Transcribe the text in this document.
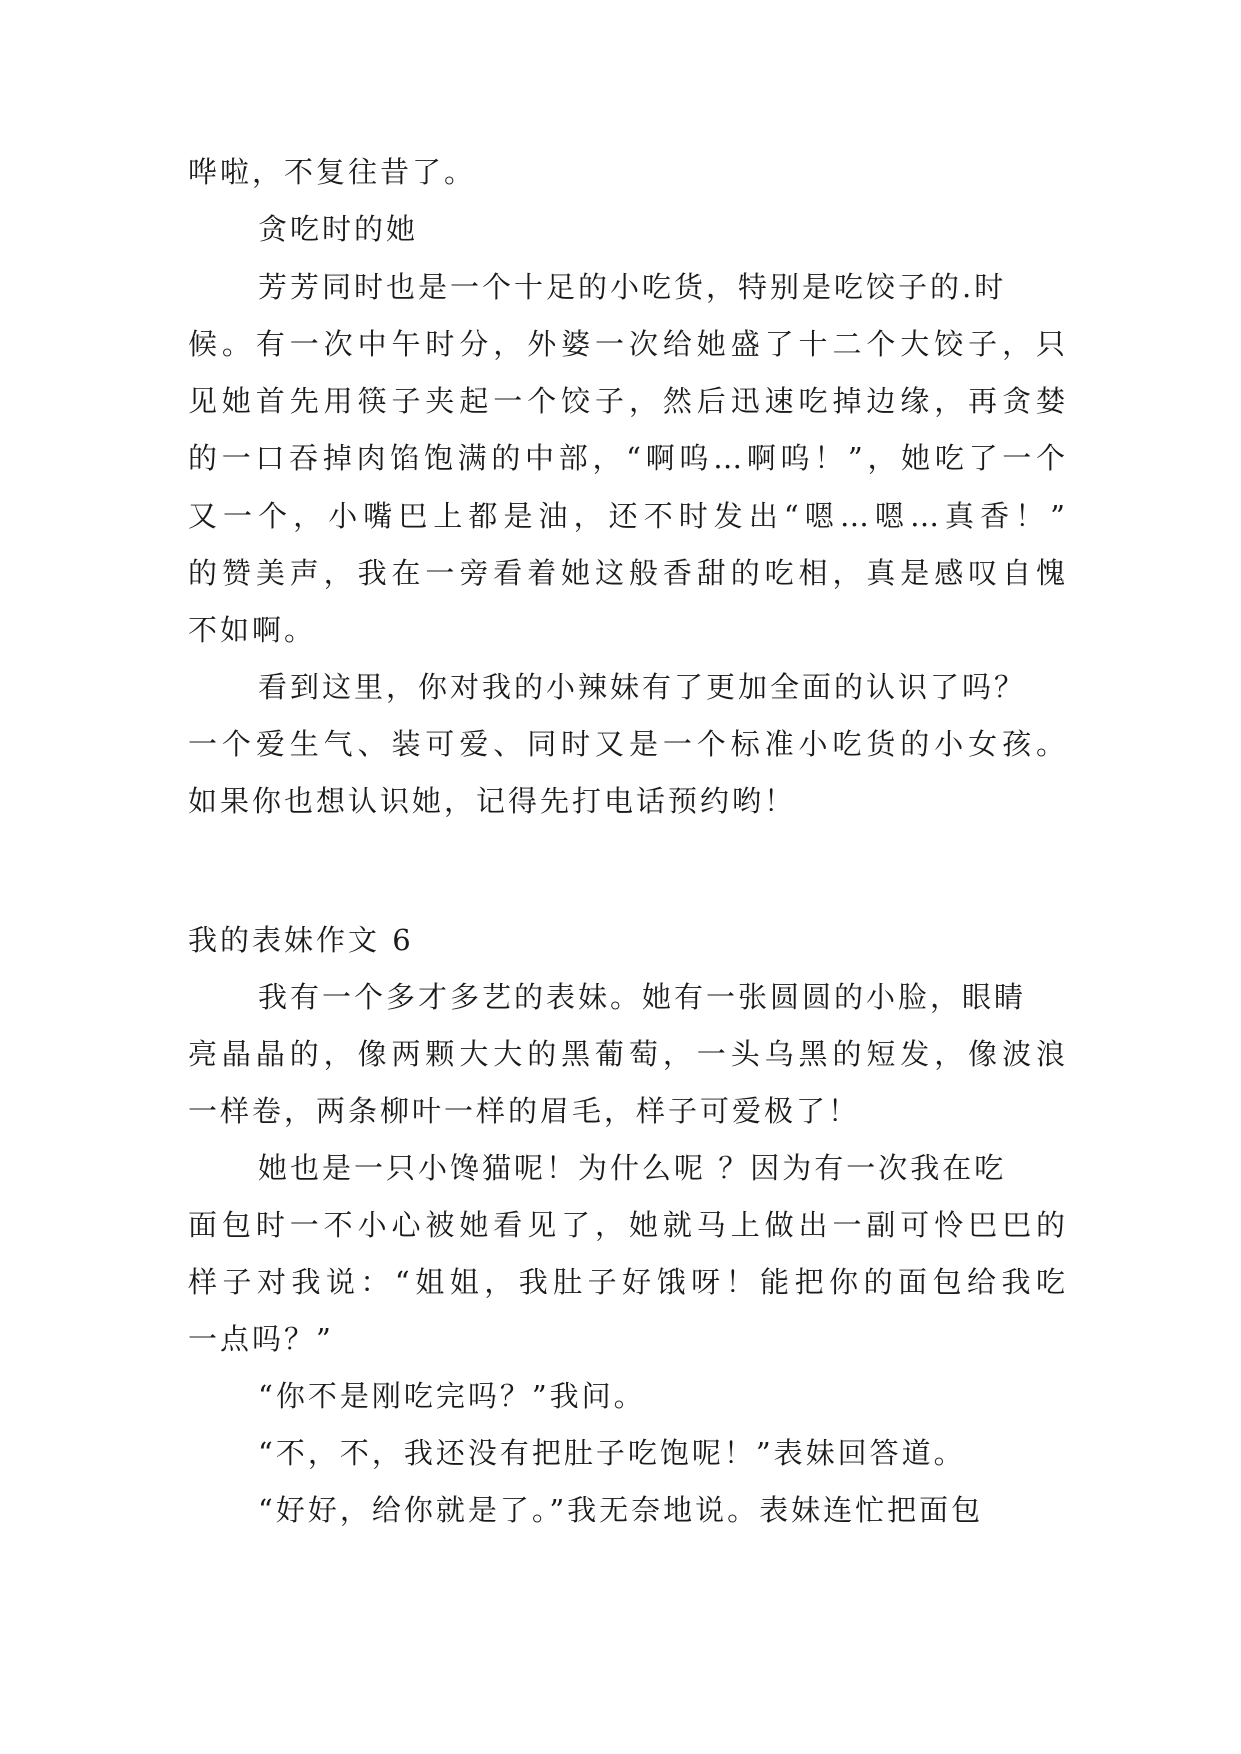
哗啦，不复往昔了。
贪吃时的她
芳芳同时也是一个十足的小吃货，特别是吃饺子的.时
候。有一次中午时分，外婆一次给她盛了十二个大饺子，只
见她首先用筷子夹起一个饺子，然后迅速吃掉边缘，再贪婪
的一口吞掉肉馅饱满的中部，“啊呜…啊呜！”，她吃了一个
又一个，小嘴巴上都是油，还不时发出“嗯…嗯…真香！”
的赞美声，我在一旁看着她这般香甜的吃相，真是感叹自愧
不如啊。
看到这里，你对我的小辣妹有了更加全面的认识了吗？
一个爱生气、装可爱、同时又是一个标准小吃货的小女孩。
如果你也想认识她，记得先打电话预约哟！
我的表妹作文 6
我有一个多才多艺的表妹。她有一张圆圆的小脸，眼睛
亮晶晶的，像两颗大大的黑葡萄，一头乌黑的短发，像波浪
一样卷，两条柳叶一样的眉毛，样子可爱极了！
她也是一只小馋猫呢！为什么呢 ？因为有一次我在吃
面包时一不小心被她看见了，她就马上做出一副可怜巴巴的
样子对我说：“姐姐，我肚子好饿呀！能把你的面包给我吃
一点吗？”
“你不是刚吃完吗？”我问。
“不，不，我还没有把肚子吃饱呢！”表妹回答道。
“好好，给你就是了。”我无奈地说。表妹连忙把面包
